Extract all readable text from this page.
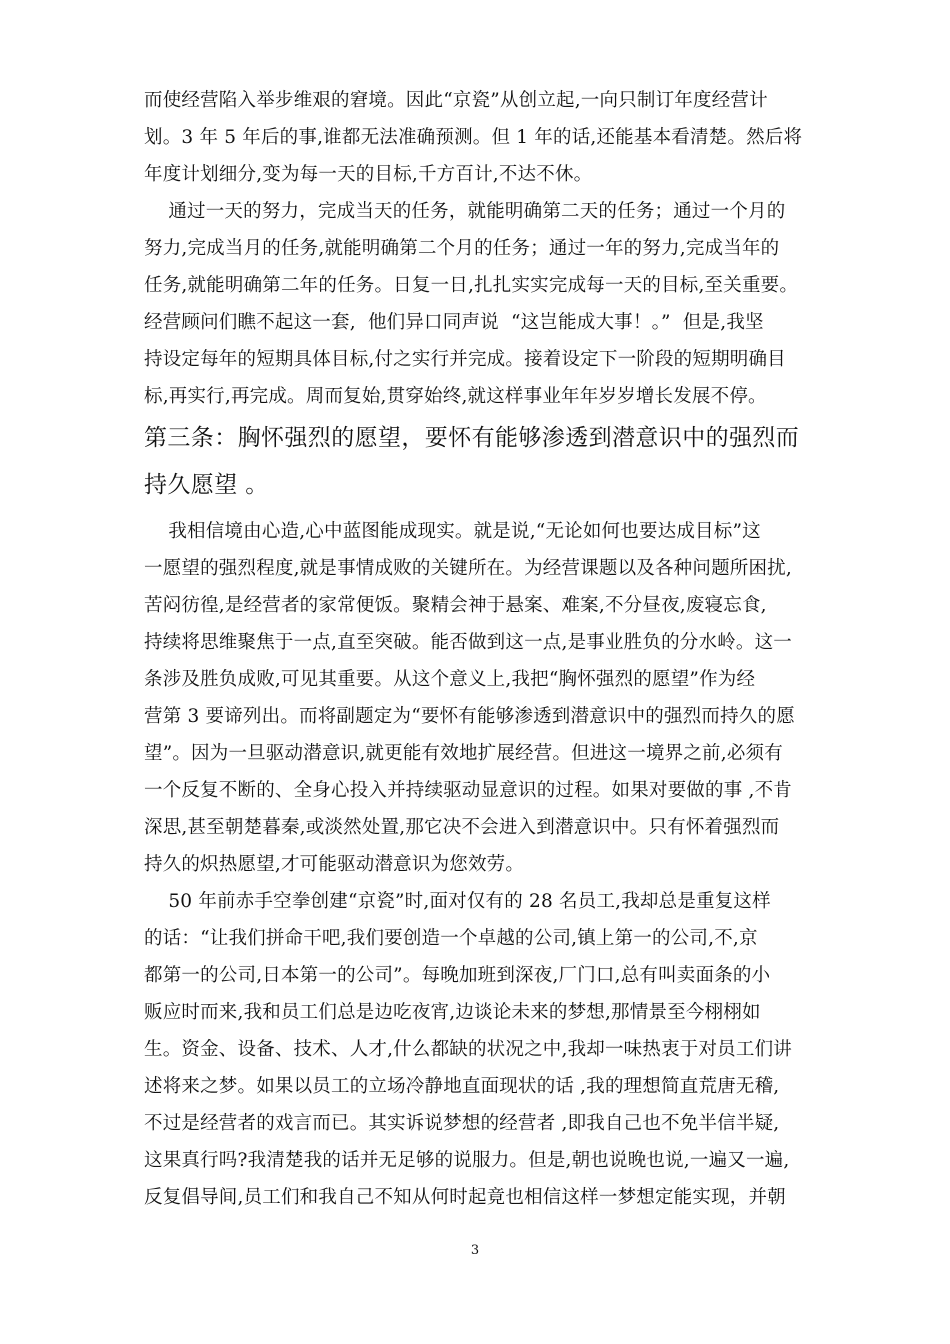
而使经营陷入举步维艰的窘境。因此“京瓷”从创立起,一向只制订年度经营计
划。3 年 5 年后的事,谁都无法准确预测。但 1 年的话,还能基本看清楚。然后将
年度计划细分,变为每一天的目标,千方百计,不达不休。
通过一天的努力，完成当天的任务，就能明确第二天的任务；通过一个月的
努力,完成当月的任务,就能明确第二个月的任务；通过一年的努力,完成当年的
任务,就能明确第二年的任务。日复一日,扎扎实实完成每一天的目标,至关重要。
经营顾问们瞧不起这一套,  他们异口同声说  “这岂能成大事！。”  但是,我坚
持设定每年的短期具体目标,付之实行并完成。接着设定下一阶段的短期明确目
标,再实行,再完成。周而复始,贯穿始终,就这样事业年年岁岁增长发展不停。
第三条：胸怀强烈的愿望，要怀有能够渗透到潜意识中的强烈而
持久愿望 。
我相信境由心造,心中蓝图能成现实。就是说,“无论如何也要达成目标”这
一愿望的强烈程度,就是事情成败的关键所在。为经营课题以及各种问题所困扰,
苦闷彷徨,是经营者的家常便饭。聚精会神于悬案、难案,不分昼夜,废寝忘食,
持续将思维聚焦于一点,直至突破。能否做到这一点,是事业胜负的分水岭。这一
条涉及胜负成败,可见其重要。从这个意义上,我把“胸怀强烈的愿望”作为经
营第 3 要谛列出。而将副题定为“要怀有能够渗透到潜意识中的强烈而持久的愿
望”。因为一旦驱动潜意识,就更能有效地扩展经营。但进这一境界之前,必须有
一个反复不断的、全身心投入并持续驱动显意识的过程。如果对要做的事 ,不肯
深思,甚至朝楚暮秦,或淡然处置,那它决不会进入到潜意识中。只有怀着强烈而
持久的炽热愿望,才可能驱动潜意识为您效劳。
50 年前赤手空拳创建“京瓷”时,面对仅有的 28 名员工,我却总是重复这样
的话：“让我们拼命干吧,我们要创造一个卓越的公司,镇上第一的公司,不,京
都第一的公司,日本第一的公司”。每晚加班到深夜,厂门口,总有叫卖面条的小
贩应时而来,我和员工们总是边吃夜宵,边谈论未来的梦想,那情景至今栩栩如
生。资金、设备、技术、人才,什么都缺的状况之中,我却一味热衷于对员工们讲
述将来之梦。如果以员工的立场冷静地直面现状的话 ,我的理想简直荒唐无稽,
不过是经营者的戏言而已。其实诉说梦想的经营者 ,即我自己也不免半信半疑,
这果真行吗?我清楚我的话并无足够的说服力。但是,朝也说晚也说,一遍又一遍,
反复倡导间,员工们和我自己不知从何时起竟也相信这样一梦想定能实现，并朝
3
